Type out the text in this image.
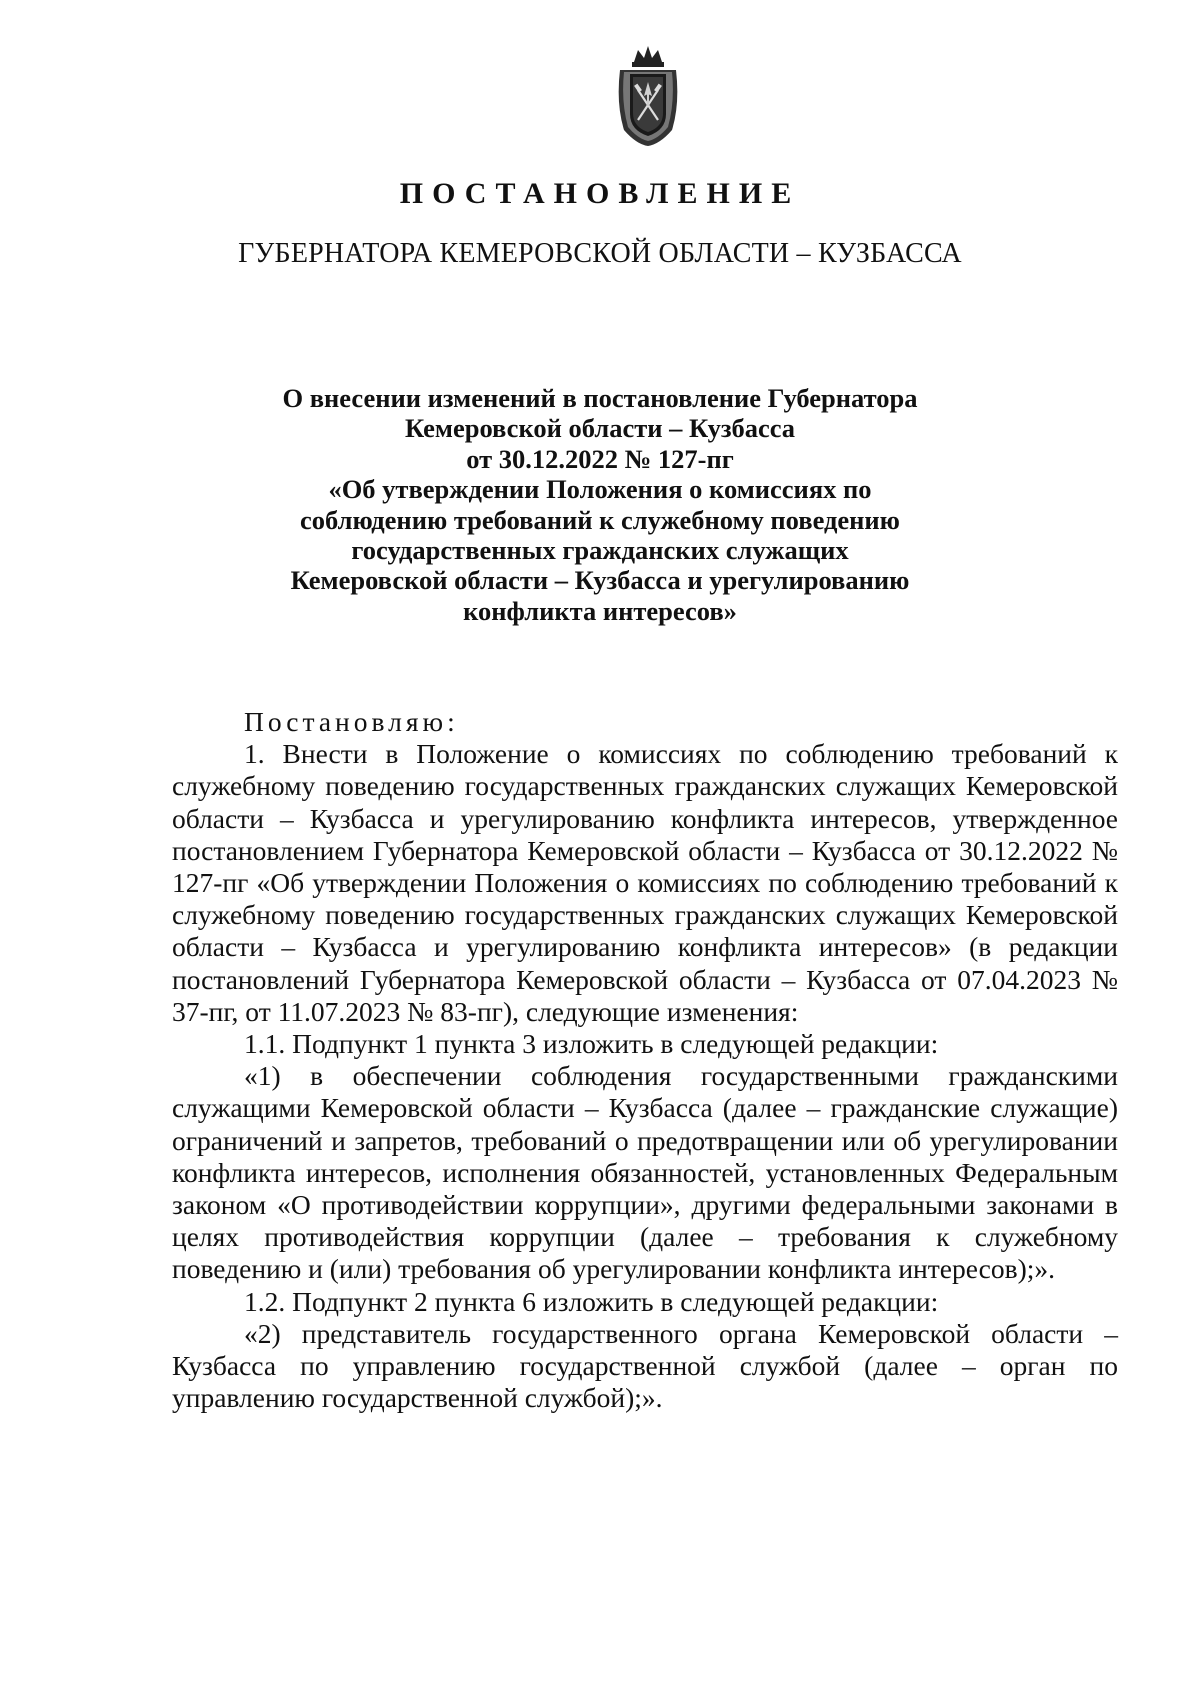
ПОСТАНОВЛЕНИЕ
ГУБЕРНАТОРА КЕМЕРОВСКОЙ ОБЛАСТИ – КУЗБАССА
О внесении изменений в постановление Губернатора
Кемеровской области – Кузбасса
от 30.12.2022 № 127-пг
«Об утверждении Положения о комиссиях по
соблюдению требований к служебному поведению
государственных гражданских служащих
Кемеровской области – Кузбасса и урегулированию
конфликта интересов»

Постановляю:

1. Внести в Положение о комиссиях по соблюдению требований к служебному поведению государственных гражданских служащих Кемеровской области – Кузбасса и урегулированию конфликта интересов, утвержденное постановлением Губернатора Кемеровской области – Кузбасса от 30.12.2022 № 127-пг «Об утверждении Положения о комиссиях по соблюдению требований к служебному поведению государственных гражданских служащих Кемеровской области – Кузбасса и урегулированию конфликта интересов» (в редакции постановлений Губернатора Кемеровской области – Кузбасса от 07.04.2023 № 37-пг, от 11.07.2023 № 83-пг), следующие изменения:

1.1. Подпункт 1 пункта 3 изложить в следующей редакции:

«1) в обеспечении соблюдения государственными гражданскими служащими Кемеровской области – Кузбасса (далее – гражданские служащие) ограничений и запретов, требований о предотвращении или об урегулировании конфликта интересов, исполнения обязанностей, установленных Федеральным законом «О противодействии коррупции», другими федеральными законами в целях противодействия коррупции (далее – требования к служебному поведению и (или) требования об урегулировании конфликта интересов);».

1.2. Подпункт 2 пункта 6 изложить в следующей редакции:

«2) представитель государственного органа Кемеровской области – Кузбасса по управлению государственной службой (далее – орган по управлению государственной службой);».
